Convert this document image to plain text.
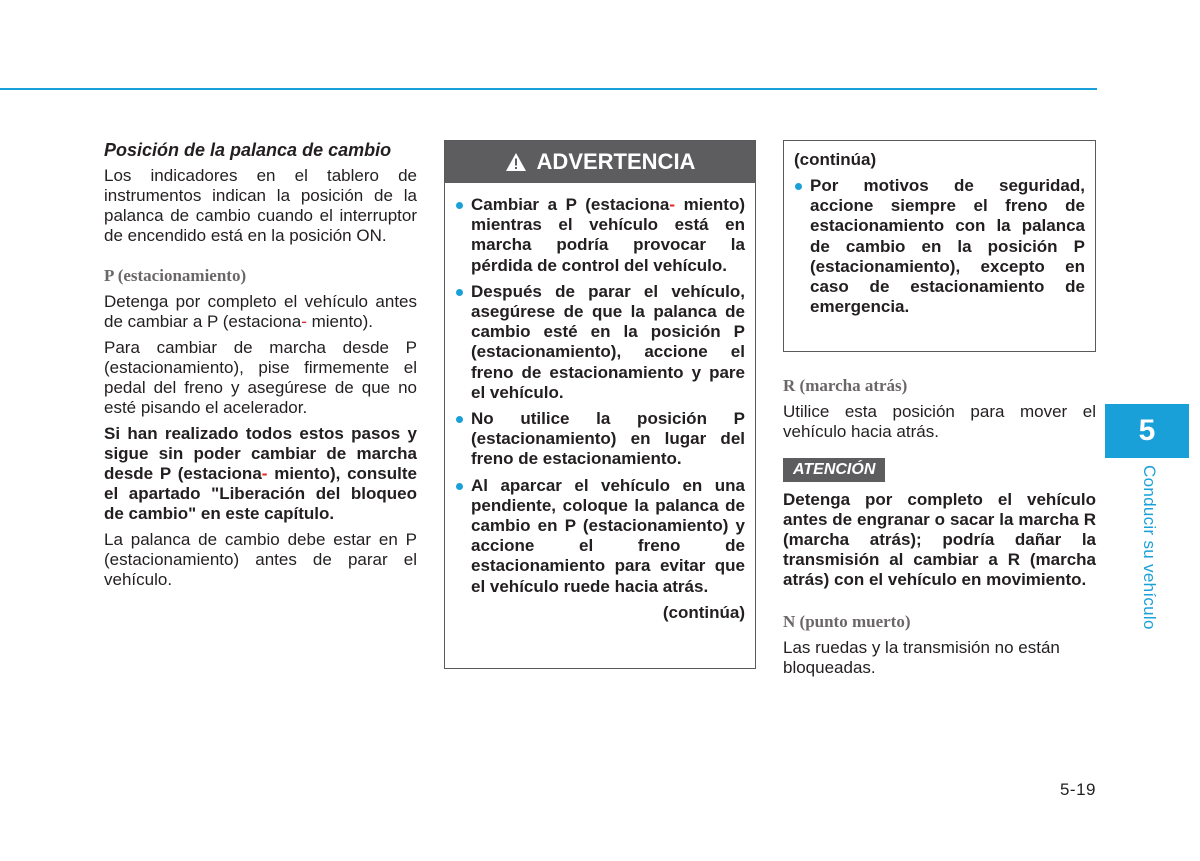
Posición de la palanca de cambio

Los indicadores en el tablero de instrumentos indican la posición de la palanca de cambio cuando el interruptor de encendido está en la posición ON.

P (estacionamiento)

Detenga por completo el vehículo antes de cambiar a P (estaciona- miento).

Para cambiar de marcha desde P (estacionamiento), pise firmemente el pedal del freno y asegúrese de que no esté pisando el acelerador.

Si han realizado todos estos pasos y sigue sin poder cambiar de marcha desde P (estaciona- miento), consulte el apartado "Liberación del bloqueo de cambio" en este capítulo.

La palanca de cambio debe estar en P (estacionamiento) antes de parar el vehículo.

ADVERTENCIA
Cambiar a P (estaciona- miento) mientras el vehículo está en marcha podría provocar la pérdida de control del vehículo.
Después de parar el vehículo, asegúrese de que la palanca de cambio esté en la posición P (estacionamiento), accione el freno de estacionamiento y pare el vehículo.
No utilice la posición P (estacionamiento) en lugar del freno de estacionamiento.
Al aparcar el vehículo en una pendiente, coloque la palanca de cambio en P (estacionamiento) y accione el freno de estacionamiento para evitar que el vehículo ruede hacia atrás.
(continúa)
(continúa)
Por motivos de seguridad, accione siempre el freno de estacionamiento con la palanca de cambio en la posición P (estacionamiento), excepto en caso de estacionamiento de emergencia.
R (marcha atrás)

Utilice esta posición para mover el vehículo hacia atrás.

ATENCIÓN

Detenga por completo el vehículo antes de engranar o sacar la marcha R (marcha atrás); podría dañar la transmisión al cambiar a R (marcha atrás) con el vehículo en movimiento.

N (punto muerto)

Las ruedas y la transmisión no están bloqueadas.

5
Conducir su vehículo
5-19
